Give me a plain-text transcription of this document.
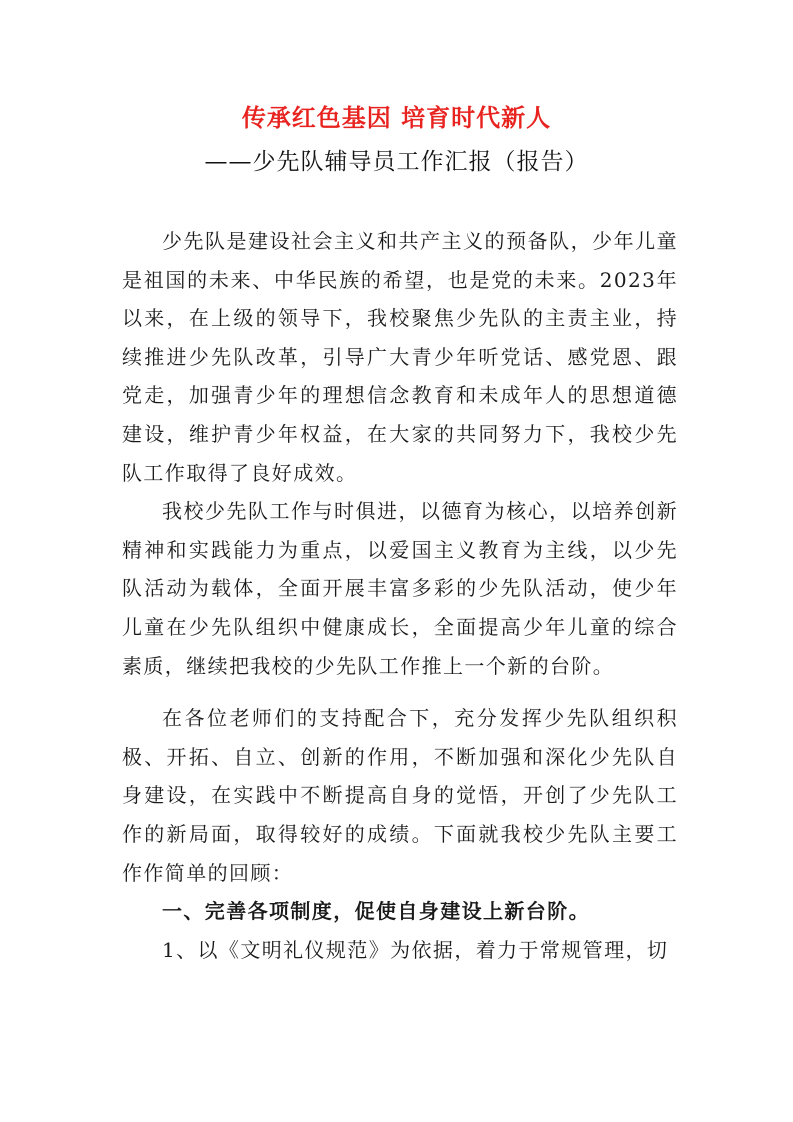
传承红色基因 培育时代新人
——少先队辅导员工作汇报（报告）

少先队是建设社会主义和共产主义的预备队，少年儿童是祖国的未来、中华民族的希望，也是党的未来。2023年以来，在上级的领导下，我校聚焦少先队的主责主业，持续推进少先队改革，引导广大青少年听党话、感党恩、跟党走，加强青少年的理想信念教育和未成年人的思想道德建设，维护青少年权益，在大家的共同努力下，我校少先队工作取得了良好成效。

我校少先队工作与时俱进，以德育为核心，以培养创新精神和实践能力为重点，以爱国主义教育为主线，以少先队活动为载体，全面开展丰富多彩的少先队活动，使少年儿童在少先队组织中健康成长，全面提高少年儿童的综合素质，继续把我校的少先队工作推上一个新的台阶。

在各位老师们的支持配合下，充分发挥少先队组织积极、开拓、自立、创新的作用，不断加强和深化少先队自身建设，在实践中不断提高自身的觉悟，开创了少先队工作的新局面，取得较好的成绩。下面就我校少先队主要工作作简单的回顾：

一、完善各项制度，促使自身建设上新台阶。

1、以《文明礼仪规范》为依据，着力于常规管理，切
